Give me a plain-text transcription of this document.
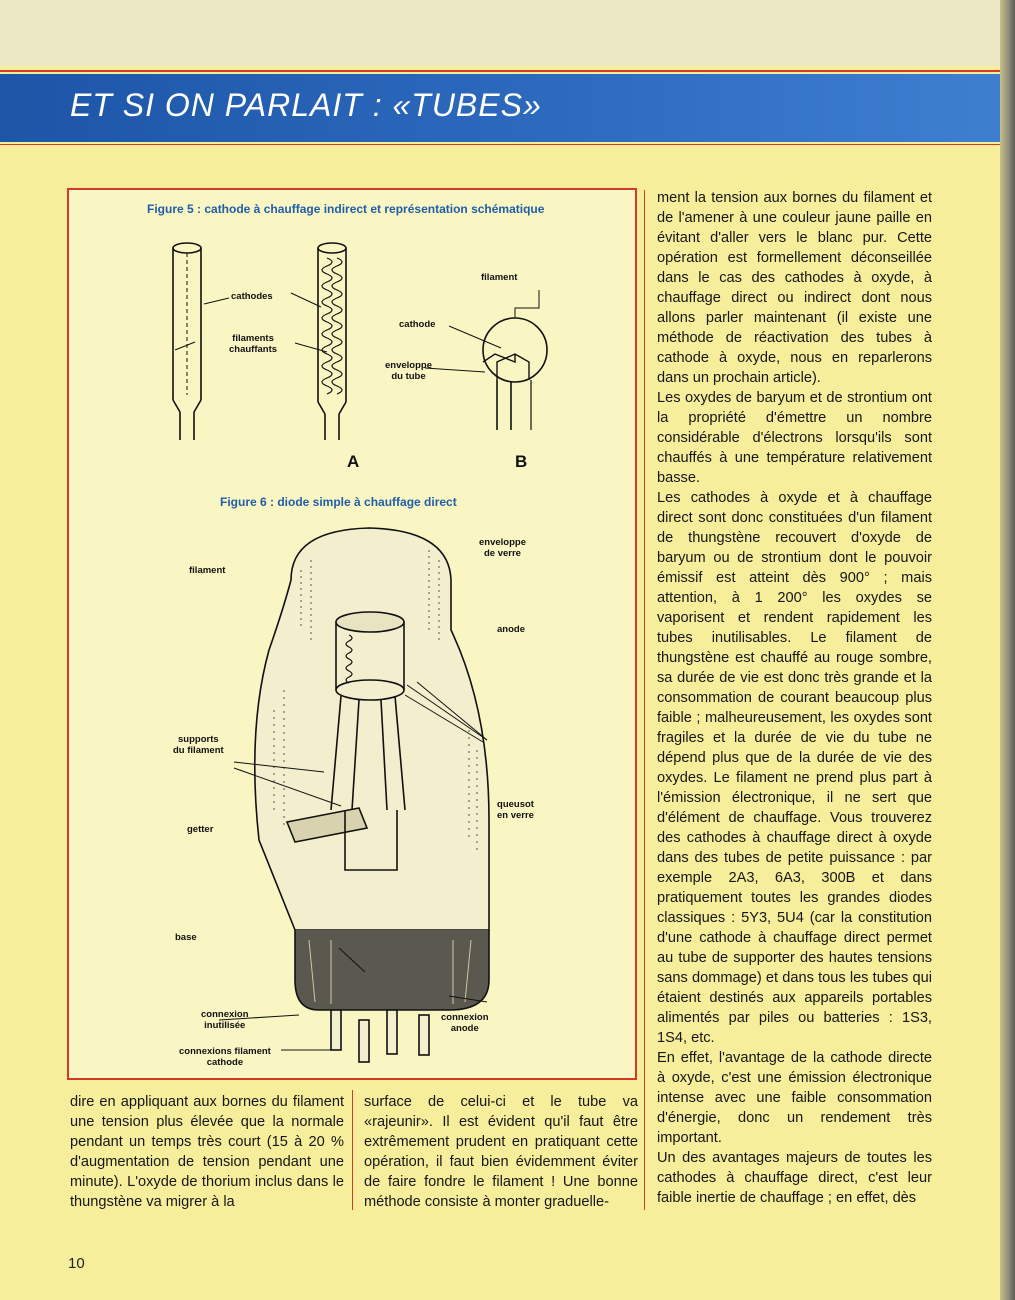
ET SI ON PARLAIT : «TUBES»
Figure 5 : cathode à chauffage indirect et représentation schématique
cathodes
filaments
chauffants
filament
cathode
enveloppe
du tube
A	B
Figure 6 : diode simple à chauffage direct
enveloppe
de verre
filament
anode
supports
du filament
queusot
en verre
getter
base
connexion
inutilisée
connexion
anode
connexions filament
cathode

dire en appliquant aux bornes du filament une tension plus élevée que la normale pendant un temps très court (15 à 20 % d'augmentation de tension pendant une minute). L'oxyde de thorium inclus dans le thungstène va migrer à la

surface de celui-ci et le tube va «rajeunir». Il est évident qu'il faut être extrêmement prudent en pratiquant cette opération, il faut bien évidemment éviter de faire fondre le filament ! Une bonne méthode consiste à monter graduelle-

ment la tension aux bornes du filament et de l'amener à une couleur jaune paille en évitant d'aller vers le blanc pur. Cette opération est formellement déconseillée dans le cas des cathodes à oxyde, à chauffage direct ou indirect dont nous allons parler maintenant (il existe une méthode de réactivation des tubes à cathode à oxyde, nous en reparlerons dans un prochain article).

Les oxydes de baryum et de strontium ont la propriété d'émettre un nombre considérable d'électrons lorsqu'ils sont chauffés à une température relativement basse.

Les cathodes à oxyde et à chauffage direct sont donc constituées d'un filament de thungstène recouvert d'oxyde de baryum ou de strontium dont le pouvoir émissif est atteint dès 900° ; mais attention, à 1 200° les oxydes se vaporisent et rendent rapidement les tubes inutilisables. Le filament de thungstène est chauffé au rouge sombre, sa durée de vie est donc très grande et la consommation de courant beaucoup plus faible ; malheureusement, les oxydes sont fragiles et la durée de vie du tube ne dépend plus que de la durée de vie des oxydes. Le filament ne prend plus part à l'émission électronique, il ne sert que d'élément de chauffage. Vous trouverez des cathodes à chauffage direct à oxyde dans des tubes de petite puissance : par exemple 2A3, 6A3, 300B et dans pratiquement toutes les grandes diodes classiques : 5Y3, 5U4 (car la constitution d'une cathode à chauffage direct permet au tube de supporter des hautes tensions sans dommage) et dans tous les tubes qui étaient destinés aux appareils portables alimentés par piles ou batteries : 1S3, 1S4, etc.

En effet, l'avantage de la cathode directe à oxyde, c'est une émission électronique intense avec une faible consommation d'énergie, donc un rendement très important.

Un des avantages majeurs de toutes les cathodes à chauffage direct, c'est leur faible inertie de chauffage ; en effet, dès

10
